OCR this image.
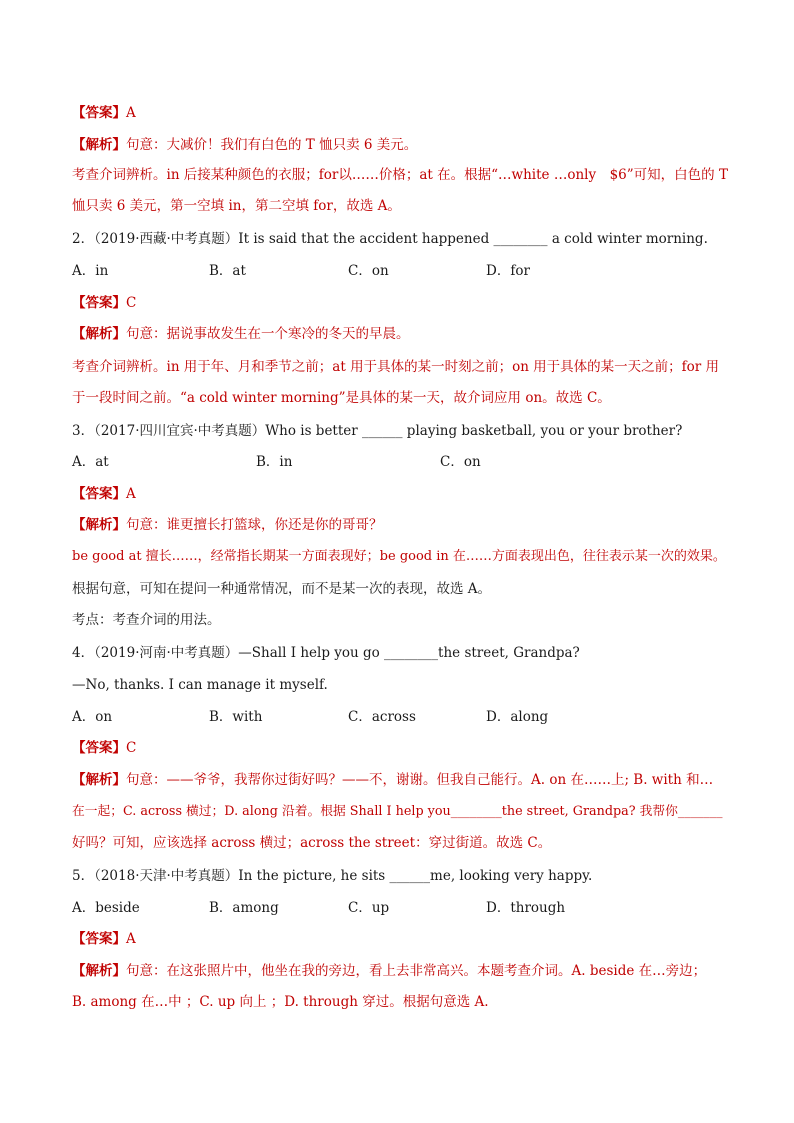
【答案】A
【解析】句意：大减价！我们有白色的 T 恤只卖 6 美元。
考查介词辨析。in 后接某种颜色的衣服；for以……价格；at 在。根据“…white …only　$6”可知，白色的 T
恤只卖 6 美元，第一空填 in，第二空填 for，故选 A。
2．（2019·西藏·中考真题）It is said that the accident happened ________ a cold winter morning.
A．in	B．at	C．on	D．for
【答案】C
【解析】句意：据说事故发生在一个寒冷的冬天的早晨。
考查介词辨析。in 用于年、月和季节之前；at 用于具体的某一时刻之前；on 用于具体的某一天之前；for 用
于一段时间之前。“a cold winter morning”是具体的某一天，故介词应用 on。故选 C。
3．（2017·四川宜宾·中考真题）Who is better ______ playing basketball, you or your brother?
A．at	B．in	C．on
【答案】A
【解析】句意：谁更擅长打篮球，你还是你的哥哥？
be good at 擅长……，经常指长期某一方面表现好；be good in 在……方面表现出色，往往表示某一次的效果。
根据句意，可知在提问一种通常情况，而不是某一次的表现，故选 A。
考点：考查介词的用法。
4．（2019·河南·中考真题）—Shall I help you go ________the street, Grandpa?
—No, thanks. I can manage it myself.
A．on	B．with	C．across	D．along
【答案】C
【解析】句意：——爷爷，我帮你过街好吗？——不，谢谢。但我自己能行。A. on 在……上; B. with 和…
在一起；C. across 横过；D. along 沿着。根据 Shall I help you________the street, Grandpa? 我帮你_______
好吗？可知，应该选择 across 横过；across the street：穿过街道。故选 C。
5．（2018·天津·中考真题）In the picture, he sits ______me, looking very happy.
A．beside	B．among	C．up	D．through
【答案】A
【解析】句意：在这张照片中，他坐在我的旁边，看上去非常高兴。本题考查介词。A. beside 在…旁边；
B. among 在…中 ；C. up 向上 ；D. through 穿过。根据句意选 A.
